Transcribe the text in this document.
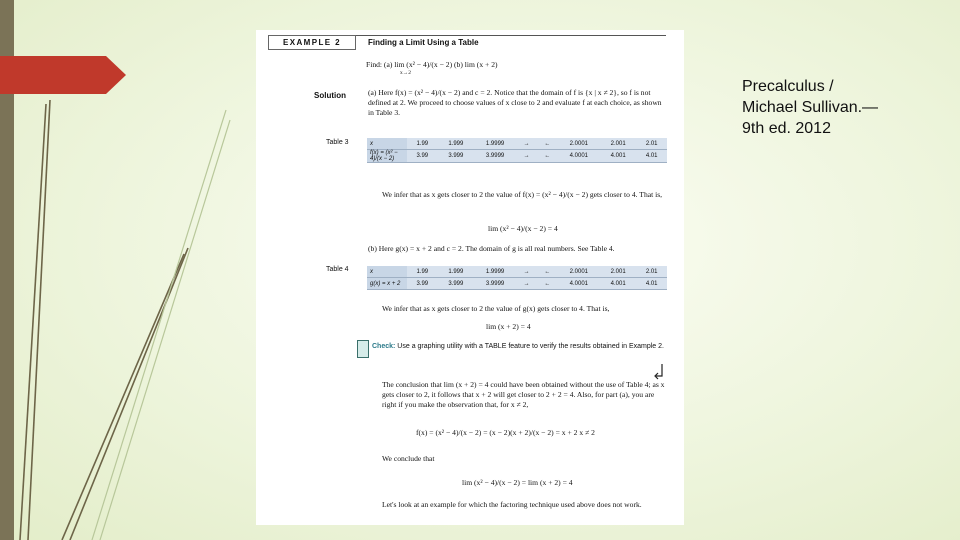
Precalculus /
Michael Sullivan.—
9th ed. 2012
EXAMPLE 2	Finding a Limit Using a Table
Find: (a) lim (x² − 4)/(x − 2) (b) lim (x + 2)
x→2
Solution	(a) Here f(x) = (x² − 4)/(x − 2) and c = 2. Notice that the domain of f is {x | x ≠ 2}, so f is not defined at 2. We proceed to choose values of x close to 2 and evaluate f at each choice, as shown in Table 3.
Table 3	x	1.99	1.999	1.9999	→	←	2.0001	2.001	2.01
f(x) = (x² − 4)/(x − 2)	3.99	3.999	3.9999	→	←	4.0001	4.001	4.01
We infer that as x gets closer to 2 the value of f(x) = (x² − 4)/(x − 2) gets closer to 4. That is,
lim (x² − 4)/(x − 2) = 4
(b) Here g(x) = x + 2 and c = 2. The domain of g is all real numbers. See Table 4.
Table 4	x	1.99	1.999	1.9999	→	←	2.0001	2.001	2.01
g(x) = x + 2	3.99	3.999	3.9999	→	←	4.0001	4.001	4.01
We infer that as x gets closer to 2 the value of g(x) gets closer to 4. That is,
lim (x + 2) = 4
Check: Use a graphing utility with a TABLE feature to verify the results obtained in Example 2.
The conclusion that lim (x + 2) = 4 could have been obtained without the use of Table 4; as x gets closer to 2, it follows that x + 2 will get closer to 2 + 2 = 4. Also, for part (a), you are right if you make the observation that, for x ≠ 2,
f(x) = (x² − 4)/(x − 2) = (x − 2)(x + 2)/(x − 2) = x + 2 x ≠ 2
We conclude that
lim (x² − 4)/(x − 2) = lim (x + 2) = 4
Let's look at an example for which the factoring technique used above does not work.
